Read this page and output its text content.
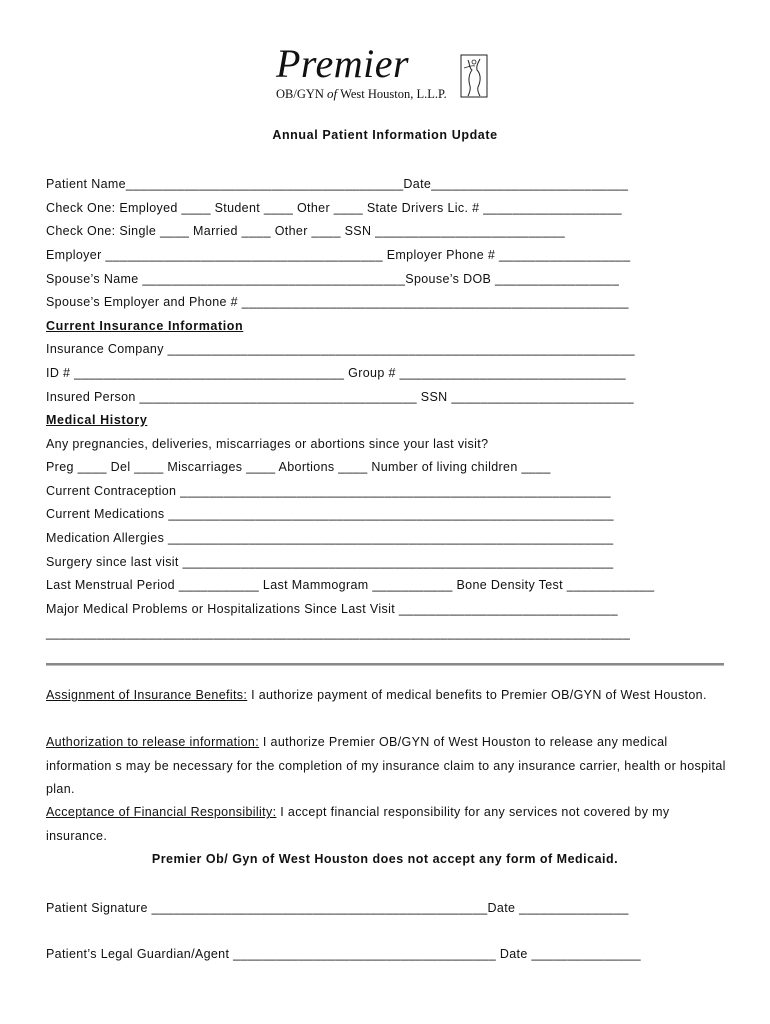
Premier
OB/GYN of West Houston, L.L.P.
Annual Patient Information Update
Patient Name______________________________________Date___________________________
Check One: Employed ____ Student ____ Other ____ State Drivers Lic. # ___________________
Check One: Single ____ Married ____ Other ____ SSN __________________________
Employer ______________________________________ Employer Phone # __________________
Spouse’s Name ____________________________________Spouse’s DOB _________________
Spouse’s Employer and Phone # _____________________________________________________
Current Insurance Information
Insurance Company ________________________________________________________________
ID # _____________________________________ Group # _______________________________
Insured Person ______________________________________ SSN _________________________
Medical History
Any pregnancies, deliveries, miscarriages or abortions since your last visit?
Preg ____ Del ____ Miscarriages ____ Abortions ____ Number of living children ____
Current Contraception ___________________________________________________________
Current Medications _____________________________________________________________
Medication Allergies _____________________________________________________________
Surgery since last visit ___________________________________________________________
Last Menstrual Period ___________ Last Mammogram ___________ Bone Density Test ____________
Major Medical Problems or Hospitalizations Since Last Visit ______________________________
________________________________________________________________________________
Assignment of Insurance Benefits: I authorize payment of medical benefits to Premier OB/GYN of West Houston.
Authorization to release information: I authorize Premier OB/GYN of West Houston to release any medical information s may be necessary for the completion of my insurance claim to any insurance carrier, health or hospital plan.
Acceptance of Financial Responsibility: I accept financial responsibility for any services not covered by my insurance.
Premier Ob/ Gyn of West Houston does not accept any form of Medicaid.
Patient Signature ______________________________________________Date _______________
Patient’s Legal Guardian/Agent ____________________________________ Date _______________
